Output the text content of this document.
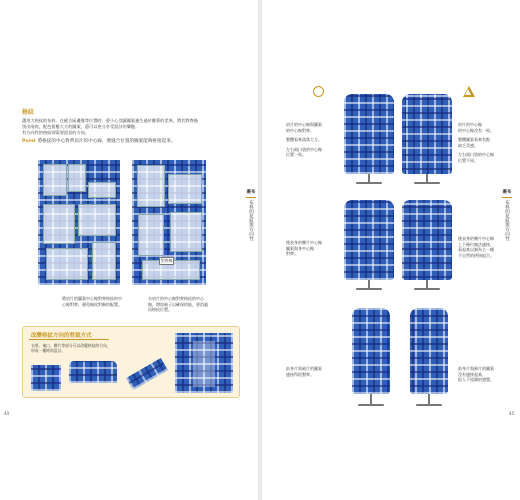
格紋
選用大格紋的布料，在縫合區邊緣等位置時，要小心別讓圖案連生過於醒著的差異。將其對齊後
別出兩肩，配色搭應大方的圖案，還可以充分享受設計的樂趣。
有方向性的格紋則需要留意的方向。
Point 將格紋的中心對齊肩片的中心線，要縫合位置的圖案能夠拼接起來。
對齊線
將肩片的圖案中心線對齊格紋的中心線對齊，避免線紋對稱的配置。
衣肩片的中心線對齊格紋的中心線，增加袖子以確保的能，要消處而格紋位置。
改變格紋方向的剪裁方式
衣領、袖口，腰片等部分可以改變格紋的方向，
形成一種時尚設計。
裏布
布料的花紋與方向性
44
肩片的中心線與圖案
的中心線對齊。
整體看來落落大方。
左右兩口袋的中心線
位置一致。
肩片的中心線
的中心線沒有一致。
整體圖案看來有點
缺乏美感。
左右兩口袋的中心線
位置不同。
後表身的腰片中心線
圖案與身中心線
對齊。
後表身的腰片中心線
上下條位無法連接，
看起來以調為主一種
不自然的拼接組合。
前身片與袖片的圖案
連接得很整齊。
前身片與袖片的圖案
沒有連接起來，
給人不協調的感覺。
裏布
布料的花紋與方向性
45
